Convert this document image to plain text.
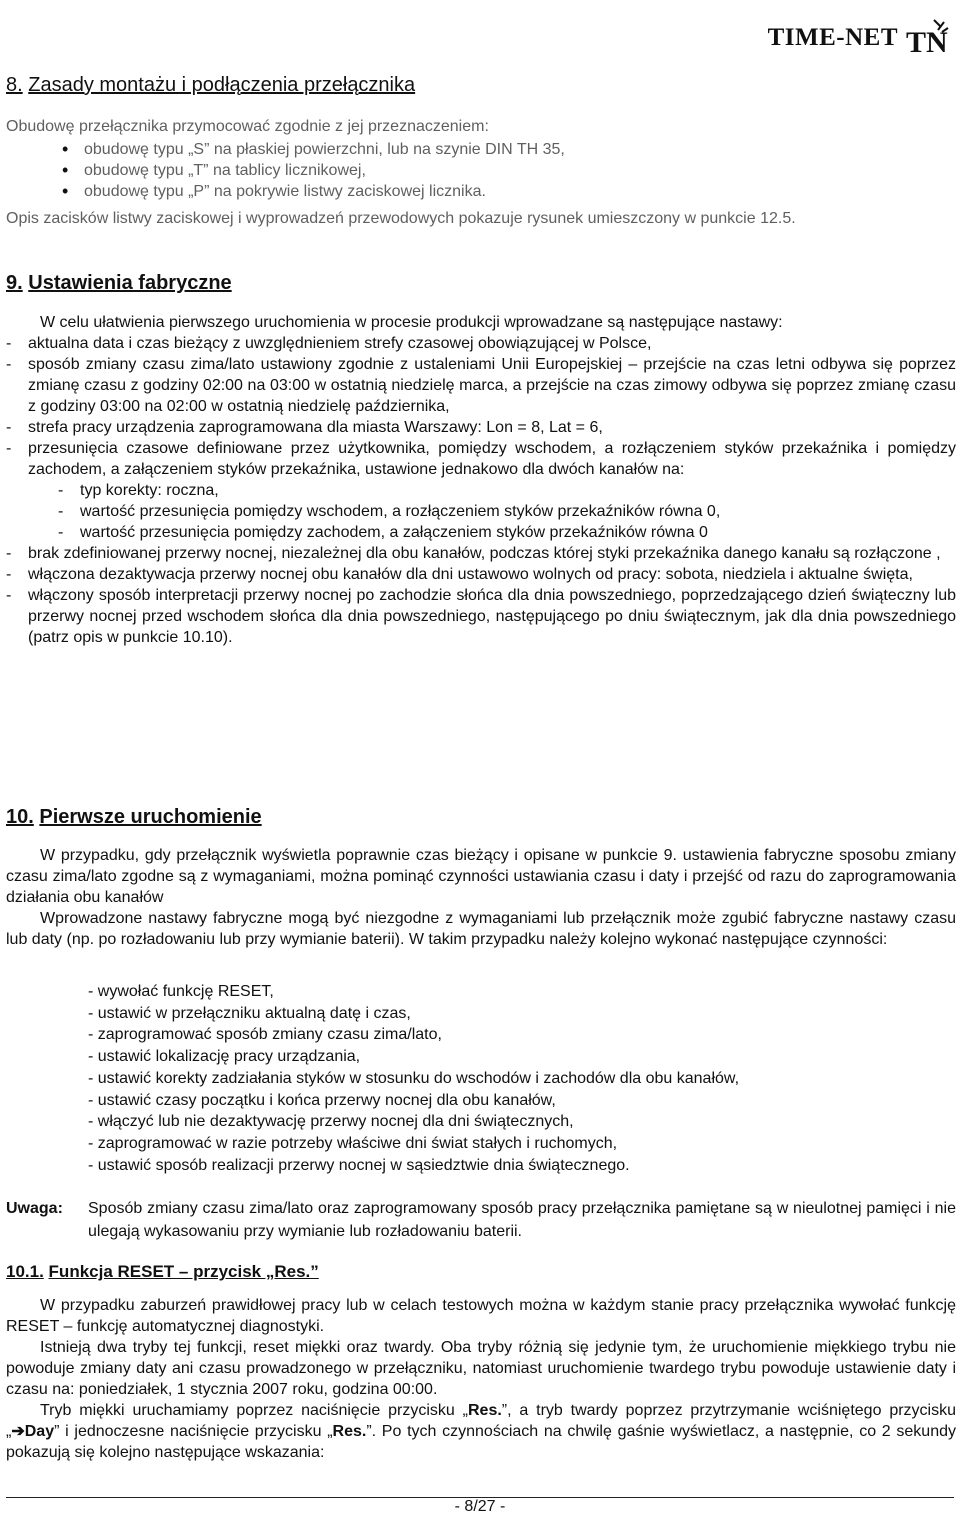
TIME-NET TN
8. Zasady montażu i podłączenia przełącznika
Obudowę przełącznika przymocować zgodnie z jej przeznaczeniem:
• obudowę typu „S” na płaskiej powierzchni, lub na szynie DIN TH 35,
• obudowę typu „T” na tablicy licznikowej,
• obudowę typu „P” na pokrywie listwy zaciskowej licznika.
Opis zacisków listwy zaciskowej i wyprowadzeń przewodowych pokazuje rysunek umieszczony w punkcie 12.5.
9. Ustawienia fabryczne
W celu ułatwienia pierwszego uruchomienia w procesie produkcji wprowadzane są następujące nastawy:
-	aktualna data i czas bieżący z uwzględnieniem strefy czasowej obowiązującej w Polsce,
-	sposób zmiany czasu zima/lato ustawiony zgodnie z ustaleniami Unii Europejskiej – przejście na czas letni odbywa się poprzez zmianę czasu z godziny 02:00 na 03:00 w ostatnią niedzielę marca, a przejście na czas zimowy odbywa się poprzez zmianę czasu z godziny 03:00 na 02:00 w ostatnią niedzielę października,
-	strefa pracy urządzenia zaprogramowana dla miasta Warszawy: Lon = 8, Lat = 6,
-	przesunięcia czasowe definiowane przez użytkownika, pomiędzy wschodem, a rozłączeniem styków przekaźnika i pomiędzy zachodem, a załączeniem styków przekaźnika, ustawione jednakowo dla dwóch kanałów na:
-	typ korekty: roczna,
-	wartość przesunięcia pomiędzy wschodem, a rozłączeniem styków przekaźników równa 0,
-	wartość przesunięcia pomiędzy zachodem, a załączeniem styków przekaźników równa 0
-	brak zdefiniowanej przerwy nocnej, niezależnej dla obu kanałów, podczas której styki przekaźnika danego kanału są rozłączone ,
-	włączona dezaktywacja przerwy nocnej obu kanałów dla dni ustawowo wolnych od pracy: sobota, niedziela i aktualne święta,
-	włączony sposób interpretacji przerwy nocnej po zachodzie słońca dla dnia powszedniego, poprzedzającego dzień świąteczny lub przerwy nocnej przed wschodem słońca dla dnia powszedniego, następującego po dniu świątecznym, jak dla dnia powszedniego (patrz opis w punkcie 10.10).
10. Pierwsze uruchomienie
W przypadku, gdy przełącznik wyświetla poprawnie czas bieżący i opisane w punkcie 9. ustawienia fabryczne sposobu zmiany czasu zima/lato zgodne są z wymaganiami, można pominąć czynności ustawiania czasu i daty i przejść od razu do zaprogramowania działania obu kanałów
Wprowadzone nastawy fabryczne mogą być niezgodne z wymaganiami lub przełącznik może zgubić fabryczne nastawy czasu lub daty (np. po rozładowaniu lub przy wymianie baterii). W takim przypadku należy kolejno wykonać następujące czynności:
- wywołać funkcję RESET,
- ustawić w przełączniku aktualną datę i czas,
- zaprogramować sposób zmiany czasu zima/lato,
- ustawić lokalizację pracy urządzania,
- ustawić korekty zadziałania styków w stosunku do wschodów i zachodów dla obu kanałów,
- ustawić czasy początku i końca przerwy nocnej dla obu kanałów,
- włączyć lub nie dezaktywację przerwy nocnej dla dni świątecznych,
- zaprogramować w razie potrzeby właściwe dni świat stałych i ruchomych,
- ustawić sposób realizacji przerwy nocnej w sąsiedztwie dnia świątecznego.
Uwaga:	Sposób zmiany czasu zima/lato oraz zaprogramowany sposób pracy przełącznika pamiętane są w nieulotnej pamięci i nie ulegają wykasowaniu przy wymianie lub rozładowaniu baterii.
10.1. Funkcja RESET – przycisk „Res.”
W przypadku zaburzeń prawidłowej pracy lub w celach testowych można w każdym stanie pracy przełącznika wywołać funkcję RESET – funkcję automatycznej diagnostyki.
Istnieją dwa tryby tej funkcji, reset miękki oraz twardy. Oba tryby różnią się jedynie tym, że uruchomienie miękkiego trybu nie powoduje zmiany daty ani czasu prowadzonego w przełączniku, natomiast uruchomienie twardego trybu powoduje ustawienie daty i czasu na: poniedziałek, 1 stycznia 2007 roku, godzina 00:00.
Tryb miękki uruchamiamy poprzez naciśnięcie przycisku „Res.”, a tryb twardy poprzez przytrzymanie wciśniętego przycisku „➔Day” i jednoczesne naciśnięcie przycisku „Res.”. Po tych czynnościach na chwilę gaśnie wyświetlacz, a następnie, co 2 sekundy pokazują się kolejno następujące wskazania:
- 8/27 -
